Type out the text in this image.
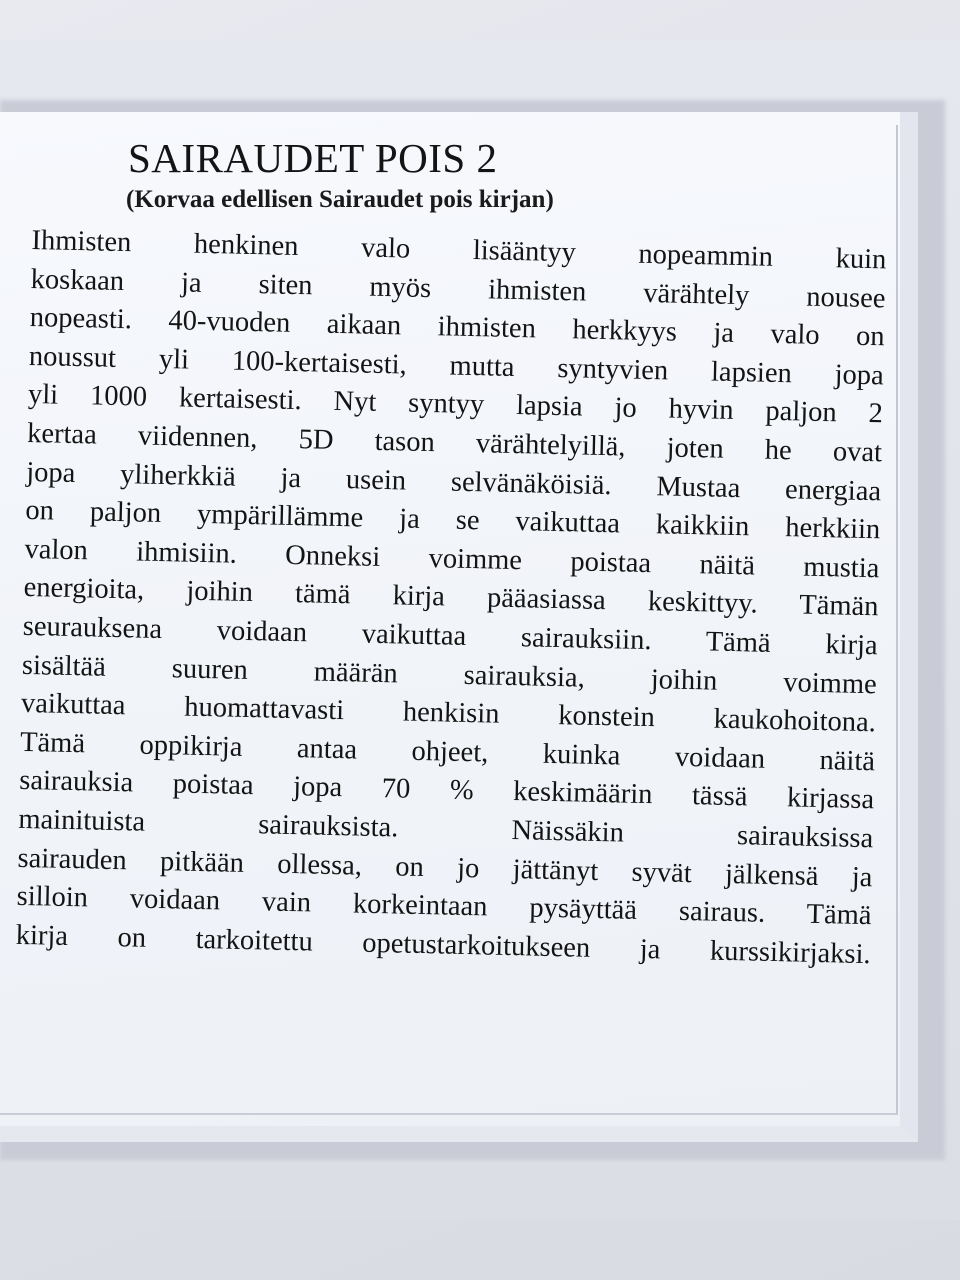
SAIRAUDET POIS 2

(Korvaa edellisen Sairaudet pois kirjan)

Ihmisten henkinen valo lisääntyy nopeammin kuin
koskaan ja siten myös ihmisten värähtely nousee
nopeasti. 40-vuoden aikaan ihmisten herkkyys ja valo on
noussut yli 100-kertaisesti, mutta syntyvien lapsien jopa
yli 1000 kertaisesti. Nyt syntyy lapsia jo hyvin paljon 2
kertaa viidennen, 5D tason värähtelyillä, joten he ovat
jopa yliherkkiä ja usein selvänäköisiä. Mustaa energiaa
on paljon ympärillämme ja se vaikuttaa kaikkiin herkkiin
valon ihmisiin. Onneksi voimme poistaa näitä mustia
energioita, joihin tämä kirja pääasiassa keskittyy. Tämän
seurauksena voidaan vaikuttaa sairauksiin. Tämä kirja
sisältää suuren määrän sairauksia, joihin voimme
vaikuttaa huomattavasti henkisin konstein kaukohoitona.
Tämä oppikirja antaa ohjeet, kuinka voidaan näitä
sairauksia poistaa jopa 70 % keskimäärin tässä kirjassa
mainituista sairauksista. Näissäkin sairauksissa
sairauden pitkään ollessa, on jo jättänyt syvät jälkensä ja
silloin voidaan vain korkeintaan pysäyttää sairaus. Tämä
kirja on tarkoitettu opetustarkoitukseen ja kurssikirjaksi.
